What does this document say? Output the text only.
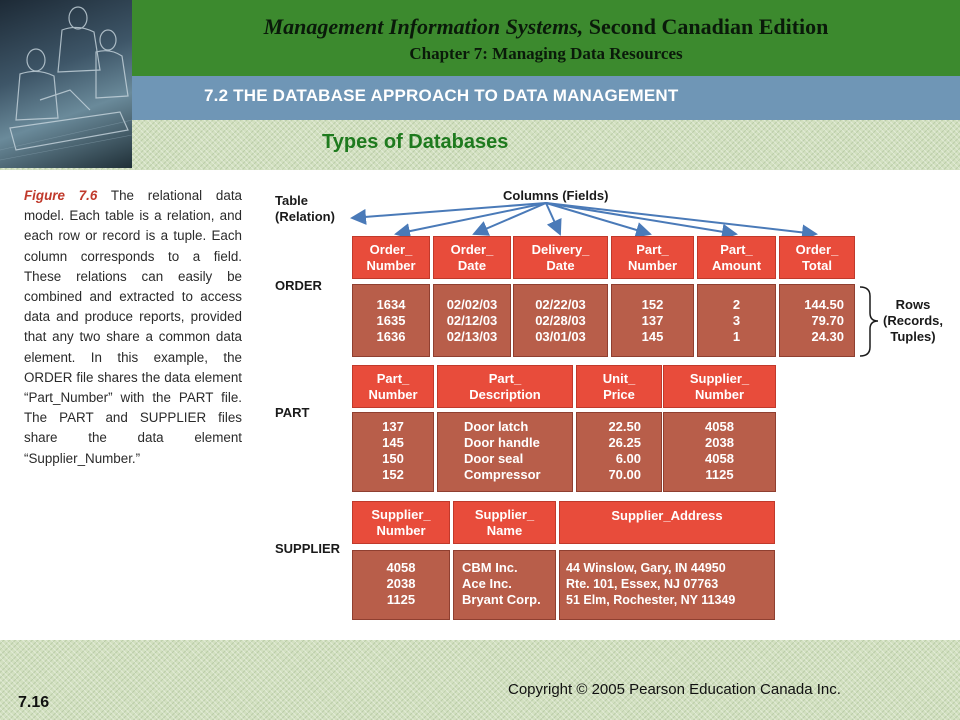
Management Information Systems, Second Canadian Edition
Chapter 7: Managing Data Resources
7.2 THE DATABASE APPROACH TO DATA MANAGEMENT
Types of Databases
Figure 7.6 The relational data model. Each table is a relation, and each row or record is a tuple. Each column corresponds to a field. These relations can easily be combined and extracted to access data and produce reports, provided that any two share a common data element. In this example, the ORDER file shares the data element “Part_Number” with the PART file. The PART and SUPPLIER files share the data element “Supplier_Number.”
Table
(Relation)
Columns (Fields)
Rows
(Records,
Tuples)
ORDER
PART
SUPPLIER
Order_
Number
Order_
Date
Delivery_
Date
Part_
Number
Part_
Amount
Order_
Total
1634
1635
1636
02/02/03
02/12/03
02/13/03
02/22/03
02/28/03
03/01/03
152
137
145
2
3
1
144.50
79.70
24.30
Part_
Number
Part_
Description
Unit_
Price
Supplier_
Number
137
145
150
152
Door latch
Door handle
Door seal
Compressor
22.50
26.25
6.00
70.00
4058
2038
4058
1125
Supplier_
Number
Supplier_
Name
Supplier_Address
4058
2038
1125
CBM Inc.
Ace Inc.
Bryant Corp.
44 Winslow, Gary, IN 44950
Rte. 101, Essex, NJ 07763
51 Elm, Rochester, NY 11349
7.16
Copyright © 2005 Pearson Education Canada Inc.
